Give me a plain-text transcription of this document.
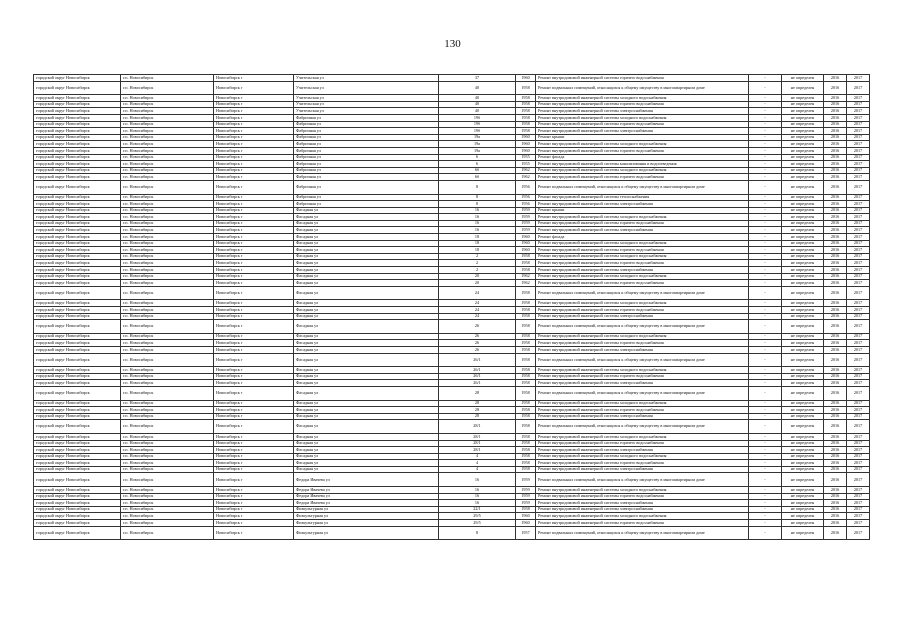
130
городской округ Новосибирск	г.п. Новосибирск	Новосибирск г	Учительская ул	37	1960	Ремонт внутридомовой инженерной системы горячего водоснабжения	-	не определен	2016	2017
городской округ Новосибирск	г.п. Новосибирск	Новосибирск г	Учительская ул	40	1958	Ремонт подвальных помещений, относящихся к общему имуществу в многоквартирном доме	-	не определен	2016	2017
городской округ Новосибирск	г.п. Новосибирск	Новосибирск г	Учительская ул	40	1958	Ремонт внутридомовой инженерной системы холодного водоснабжения	-	не определен	2016	2017
городской округ Новосибирск	г.п. Новосибирск	Новосибирск г	Учительская ул	40	1958	Ремонт внутридомовой инженерной системы горячего водоснабжения	-	не определен	2016	2017
городской округ Новосибирск	г.п. Новосибирск	Новосибирск г	Учительская ул	40	1958	Ремонт внутридомовой инженерной системы электроснабжения	-	не определен	2016	2017
городской округ Новосибирск	г.п. Новосибирск	Новосибирск г	Фабричная ул	19б	1958	Ремонт внутридомовой инженерной системы холодного водоснабжения	-	не определен	2016	2017
городской округ Новосибирск	г.п. Новосибирск	Новосибирск г	Фабричная ул	19б	1958	Ремонт внутридомовой инженерной системы горячего водоснабжения	-	не определен	2016	2017
городской округ Новосибирск	г.п. Новосибирск	Новосибирск г	Фабричная ул	19б	1958	Ремонт внутридомовой инженерной системы электроснабжения	-	не определен	2016	2017
городской округ Новосибирск	г.п. Новосибирск	Новосибирск г	Фабричная ул	19а	1960	Ремонт крыши	-	не определен	2016	2017
городской округ Новосибирск	г.п. Новосибирск	Новосибирск г	Фабричная ул	19а	1960	Ремонт внутридомовой инженерной системы холодного водоснабжения	-	не определен	2016	2017
городской округ Новосибирск	г.п. Новосибирск	Новосибирск г	Фабричная ул	19а	1960	Ремонт внутридомовой инженерной системы горячего водоснабжения	-	не определен	2016	2017
городской округ Новосибирск	г.п. Новосибирск	Новосибирск г	Фабричная ул	6	1955	Ремонт фасада	-	не определен	2016	2017
городской округ Новосибирск	г.п. Новосибирск	Новосибирск г	Фабричная ул	6	1955	Ремонт внутридомовой инженерной системы канализования и водоотведения	-	не определен	2016	2017
городской округ Новосибирск	г.п. Новосибирск	Новосибирск г	Фабричная ул	6б	1962	Ремонт внутридомовой инженерной системы холодного водоснабжения	-	не определен	2016	2017
городской округ Новосибирск	г.п. Новосибирск	Новосибирск г	Фабричная ул	6б	1962	Ремонт внутридомовой инженерной системы горячего водоснабжения	-	не определен	2016	2017
городской округ Новосибирск	г.п. Новосибирск	Новосибирск г	Фабричная ул	8	1956	Ремонт подвальных помещений, относящихся к общему имуществу в многоквартирном доме	-	не определен	2016	2017
городской округ Новосибирск	г.п. Новосибирск	Новосибирск г	Фабричная ул	8	1956	Ремонт внутридомовой инженерной системы теплоснабжения	-	не определен	2016	2017
городской округ Новосибирск	г.п. Новосибирск	Новосибирск г	Фабричная ул	8	1956	Ремонт внутридомовой инженерной системы электроснабжения	-	не определен	2016	2017
городской округ Новосибирск	г.п. Новосибирск	Новосибирск г	Фасадная ул	16	1959	Ремонт крыши	-	не определен	2016	2017
городской округ Новосибирск	г.п. Новосибирск	Новосибирск г	Фасадная ул	16	1959	Ремонт внутридомовой инженерной системы холодного водоснабжения	-	не определен	2016	2017
городской округ Новосибирск	г.п. Новосибирск	Новосибирск г	Фасадная ул	16	1959	Ремонт внутридомовой инженерной системы горячего водоснабжения	-	не определен	2016	2017
городской округ Новосибирск	г.п. Новосибирск	Новосибирск г	Фасадная ул	16	1959	Ремонт внутридомовой инженерной системы электроснабжения	-	не определен	2016	2017
городской округ Новосибирск	г.п. Новосибирск	Новосибирск г	Фасадная ул	18	1960	Ремонт фасада	-	не определен	2016	2017
городской округ Новосибирск	г.п. Новосибирск	Новосибирск г	Фасадная ул	18	1960	Ремонт внутридомовой инженерной системы холодного водоснабжения	-	не определен	2016	2017
городской округ Новосибирск	г.п. Новосибирск	Новосибирск г	Фасадная ул	18	1960	Ремонт внутридомовой инженерной системы горячего водоснабжения	-	не определен	2016	2017
городской округ Новосибирск	г.п. Новосибирск	Новосибирск г	Фасадная ул	2	1958	Ремонт внутридомовой инженерной системы холодного водоснабжения	-	не определен	2016	2017
городской округ Новосибирск	г.п. Новосибирск	Новосибирск г	Фасадная ул	2	1958	Ремонт внутридомовой инженерной системы горячего водоснабжения	-	не определен	2016	2017
городской округ Новосибирск	г.п. Новосибирск	Новосибирск г	Фасадная ул	2	1958	Ремонт внутридомовой инженерной системы электроснабжения	-	не определен	2016	2017
городской округ Новосибирск	г.п. Новосибирск	Новосибирск г	Фасадная ул	20	1962	Ремонт внутридомовой инженерной системы холодного водоснабжения	-	не определен	2016	2017
городской округ Новосибирск	г.п. Новосибирск	Новосибирск г	Фасадная ул	20	1962	Ремонт внутридомовой инженерной системы горячего водоснабжения	-	не определен	2016	2017
городской округ Новосибирск	г.п. Новосибирск	Новосибирск г	Фасадная ул	24	1958	Ремонт подвальных помещений, относящихся к общему имуществу в многоквартирном доме	-	не определен	2016	2017
городской округ Новосибирск	г.п. Новосибирск	Новосибирск г	Фасадная ул	24	1958	Ремонт внутридомовой инженерной системы холодного водоснабжения	-	не определен	2016	2017
городской округ Новосибирск	г.п. Новосибирск	Новосибирск г	Фасадная ул	24	1958	Ремонт внутридомовой инженерной системы горячего водоснабжения	-	не определен	2016	2017
городской округ Новосибирск	г.п. Новосибирск	Новосибирск г	Фасадная ул	24	1958	Ремонт внутридомовой инженерной системы электроснабжения	-	не определен	2016	2017
городской округ Новосибирск	г.п. Новосибирск	Новосибирск г	Фасадная ул	26	1958	Ремонт подвальных помещений, относящихся к общему имуществу в многоквартирном доме	-	не определен	2016	2017
городской округ Новосибирск	г.п. Новосибирск	Новосибирск г	Фасадная ул	26	1958	Ремонт внутридомовой инженерной системы холодного водоснабжения	-	не определен	2016	2017
городской округ Новосибирск	г.п. Новосибирск	Новосибирск г	Фасадная ул	26	1958	Ремонт внутридомовой инженерной системы горячего водоснабжения	-	не определен	2016	2017
городской округ Новосибирск	г.п. Новосибирск	Новосибирск г	Фасадная ул	26	1958	Ремонт внутридомовой инженерной системы электроснабжения	-	не определен	2016	2017
городской округ Новосибирск	г.п. Новосибирск	Новосибирск г	Фасадная ул	26/1	1958	Ремонт подвальных помещений, относящихся к общему имуществу в многоквартирном доме	-	не определен	2016	2017
городской округ Новосибирск	г.п. Новосибирск	Новосибирск г	Фасадная ул	26/1	1958	Ремонт внутридомовой инженерной системы холодного водоснабжения	-	не определен	2016	2017
городской округ Новосибирск	г.п. Новосибирск	Новосибирск г	Фасадная ул	26/1	1958	Ремонт внутридомовой инженерной системы горячего водоснабжения	-	не определен	2016	2017
городской округ Новосибирск	г.п. Новосибирск	Новосибирск г	Фасадная ул	26/1	1958	Ремонт внутридомовой инженерной системы электроснабжения	-	не определен	2016	2017
городской округ Новосибирск	г.п. Новосибирск	Новосибирск г	Фасадная ул	28	1958	Ремонт подвальных помещений, относящихся к общему имуществу в многоквартирном доме	-	не определен	2016	2017
городской округ Новосибирск	г.п. Новосибирск	Новосибирск г	Фасадная ул	28	1958	Ремонт внутридомовой инженерной системы холодного водоснабжения	-	не определен	2016	2017
городской округ Новосибирск	г.п. Новосибирск	Новосибирск г	Фасадная ул	28	1958	Ремонт внутридомовой инженерной системы горячего водоснабжения	-	не определен	2016	2017
городской округ Новосибирск	г.п. Новосибирск	Новосибирск г	Фасадная ул	28	1958	Ремонт внутридомовой инженерной системы электроснабжения	-	не определен	2016	2017
городской округ Новосибирск	г.п. Новосибирск	Новосибирск г	Фасадная ул	28/1	1958	Ремонт подвальных помещений, относящихся к общему имуществу в многоквартирном доме	-	не определен	2016	2017
городской округ Новосибирск	г.п. Новосибирск	Новосибирск г	Фасадная ул	28/1	1958	Ремонт внутридомовой инженерной системы холодного водоснабжения	-	не определен	2016	2017
городской округ Новосибирск	г.п. Новосибирск	Новосибирск г	Фасадная ул	28/1	1958	Ремонт внутридомовой инженерной системы горячего водоснабжения	-	не определен	2016	2017
городской округ Новосибирск	г.п. Новосибирск	Новосибирск г	Фасадная ул	28/1	1958	Ремонт внутридомовой инженерной системы электроснабжения	-	не определен	2016	2017
городской округ Новосибирск	г.п. Новосибирск	Новосибирск г	Фасадная ул	4	1958	Ремонт внутридомовой инженерной системы холодного водоснабжения	-	не определен	2016	2017
городской округ Новосибирск	г.п. Новосибирск	Новосибирск г	Фасадная ул	4	1958	Ремонт внутридомовой инженерной системы горячего водоснабжения	-	не определен	2016	2017
городской округ Новосибирск	г.п. Новосибирск	Новосибирск г	Фасадная ул	4	1958	Ремонт внутридомовой инженерной системы электроснабжения	-	не определен	2016	2017
городской округ Новосибирск	г.п. Новосибирск	Новосибирск г	Федора Ивачева ул	16	1959	Ремонт подвальных помещений, относящихся к общему имуществу в многоквартирном доме	-	не определен	2016	2017
городской округ Новосибирск	г.п. Новосибирск	Новосибирск г	Федора Ивачева ул	16	1959	Ремонт внутридомовой инженерной системы холодного водоснабжения	-	не определен	2016	2017
городской округ Новосибирск	г.п. Новосибирск	Новосибирск г	Федора Ивачева ул	16	1959	Ремонт внутридомовой инженерной системы горячего водоснабжения	-	не определен	2016	2017
городской округ Новосибирск	г.п. Новосибирск	Новосибирск г	Федора Ивачева ул	16	1959	Ремонт внутридомовой инженерной системы электроснабжения	-	не определен	2016	2017
городской округ Новосибирск	г.п. Новосибирск	Новосибирск г	Физкультурная ул	22/1	1958	Ремонт внутридомовой инженерной системы электроснабжения	-	не определен	2016	2017
городской округ Новосибирск	г.п. Новосибирск	Новосибирск г	Физкультурная ул	29/5	1960	Ремонт внутридомовой инженерной системы холодного водоснабжения	-	не определен	2016	2017
городской округ Новосибирск	г.п. Новосибирск	Новосибирск г	Физкультурная ул	29/5	1960	Ремонт внутридомовой инженерной системы горячего водоснабжения	-	не определен	2016	2017
городской округ Новосибирск	г.п. Новосибирск	Новосибирск г	Физкультурная ул	8	1957	Ремонт подвальных помещений, относящихся к общему имуществу в многоквартирном доме	-	не определен	2016	2017
